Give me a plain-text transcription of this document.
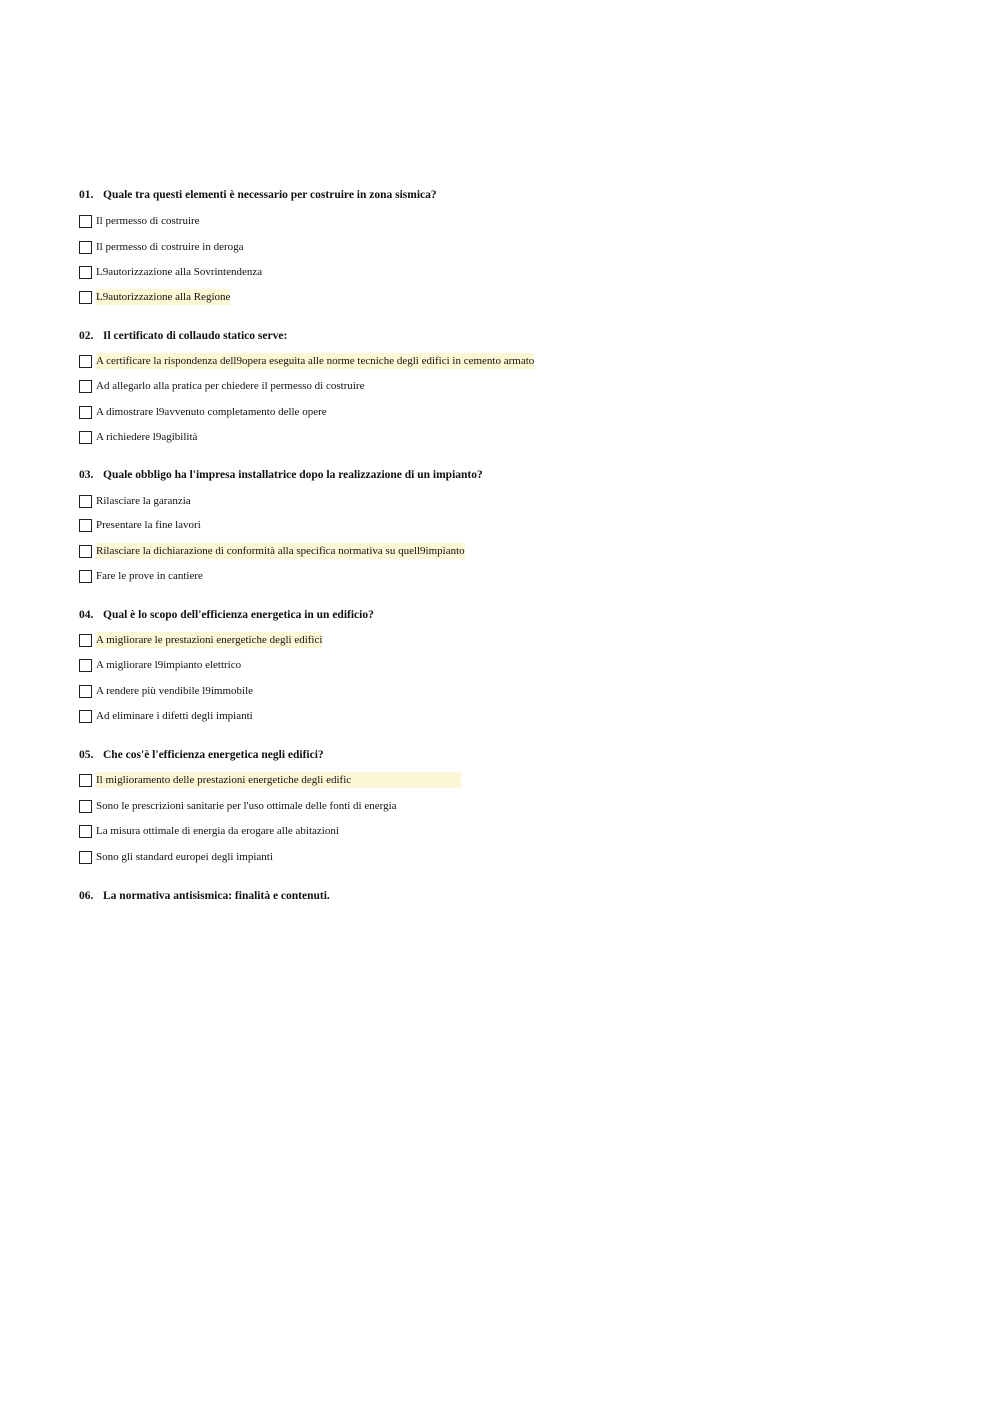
01. Quale tra questi elementi è necessario per costruire in zona sismica?
Il permesso di costruire
Il permesso di costruire in deroga
L9autorizzazione alla Sovrintendenza
L9autorizzazione alla Regione
02. Il certificato di collaudo statico serve:
A certificare la rispondenza dell9opera eseguita alle norme tecniche degli edifici in cemento armato
Ad allegarlo alla pratica per chiedere il permesso di costruire
A dimostrare l9avvenuto completamento delle opere
A richiedere l9agibilità
03. Quale obbligo ha l'impresa installatrice dopo la realizzazione di un impianto?
Rilasciare la garanzia
Presentare la fine lavori
Rilasciare la dichiarazione di conformità alla specifica normativa su quell9impianto
Fare le prove in cantiere
04. Qual è lo scopo dell'efficienza energetica in un edificio?
A migliorare le prestazioni energetiche degli edifici
A migliorare l9impianto elettrico
A rendere più vendibile l9immobile
Ad eliminare i difetti degli impianti
05. Che cos'è l'efficienza energetica negli edifici?
Il miglioramento delle prestazioni energetiche degli edific
Sono le prescrizioni sanitarie per l'uso ottimale delle fonti di energia
La misura ottimale di energia da erogare alle abitazioni
Sono gli standard europei degli impianti
06. La normativa antisismica: finalità e contenuti.
